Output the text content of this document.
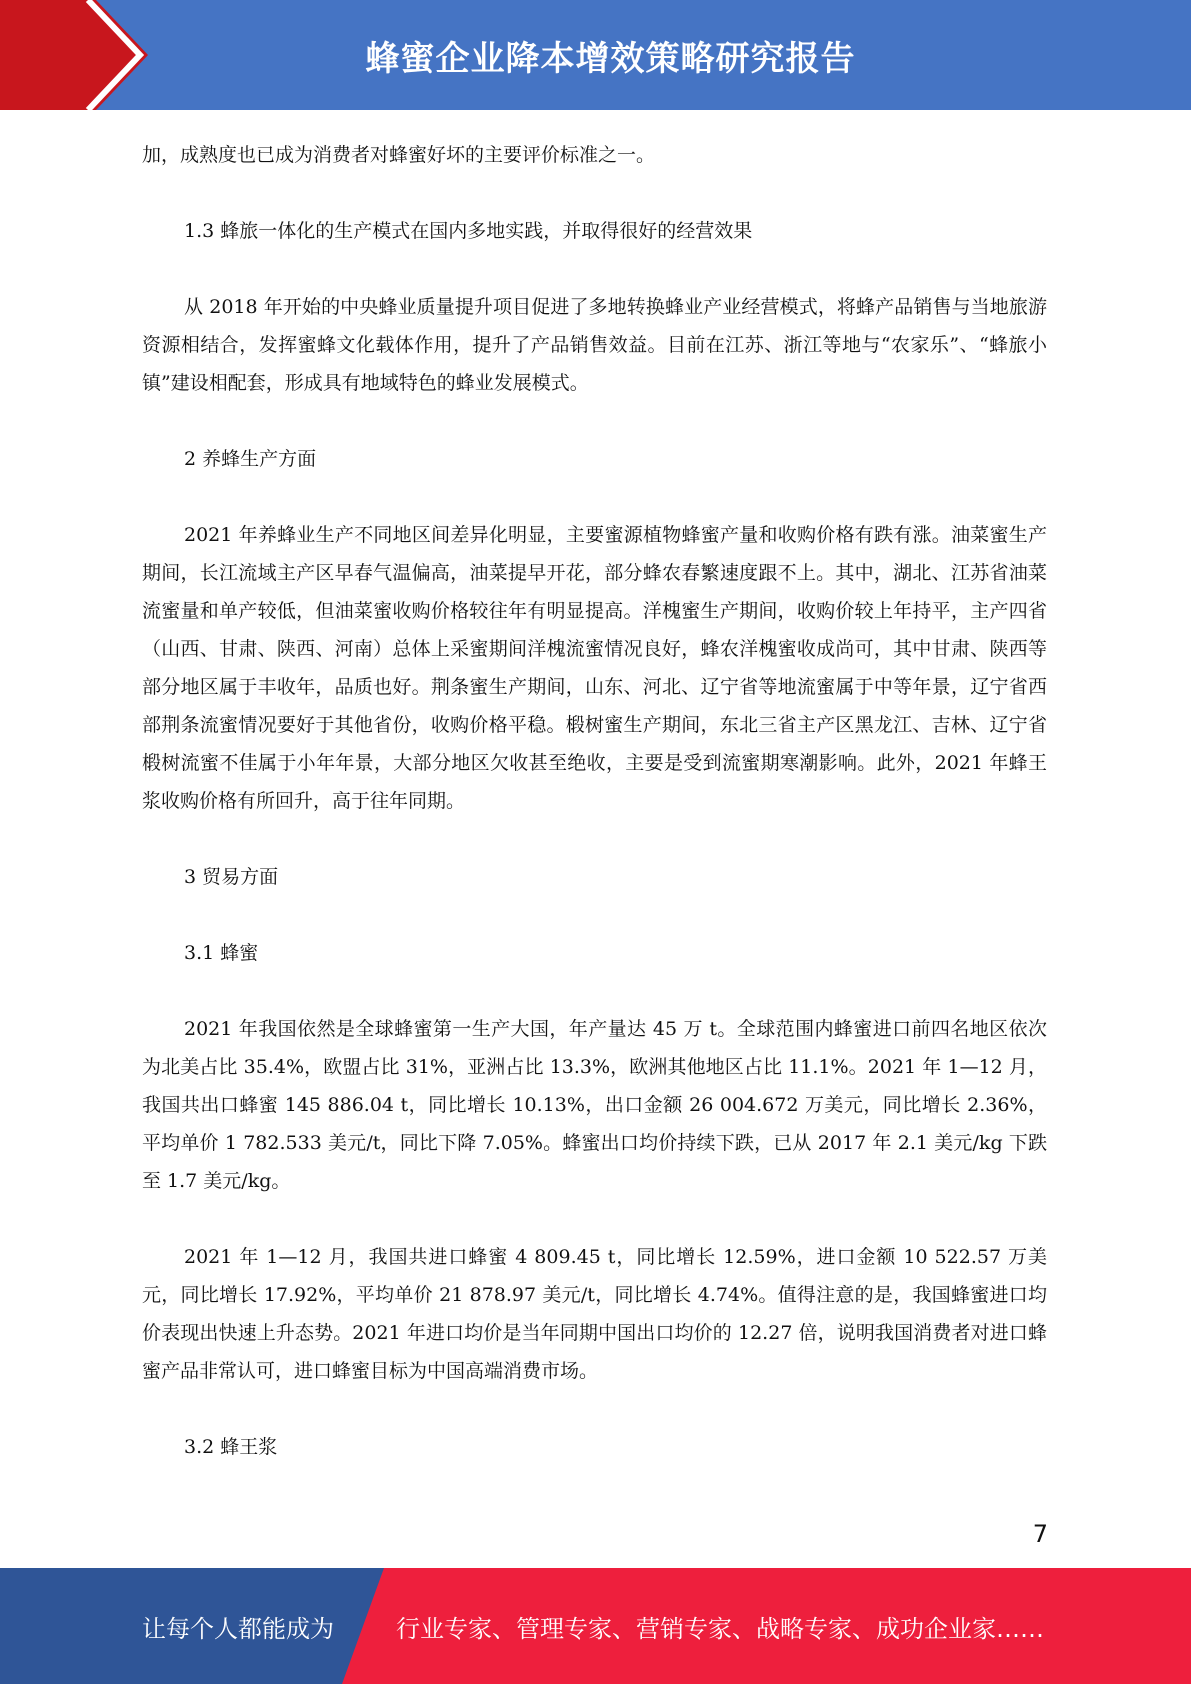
蜂蜜企业降本增效策略研究报告

加，成熟度也已成为消费者对蜂蜜好坏的主要评价标准之一。

1.3 蜂旅一体化的生产模式在国内多地实践，并取得很好的经营效果

从 2018 年开始的中央蜂业质量提升项目促进了多地转换蜂业产业经营模式，将蜂产品销售与当地旅游资源相结合，发挥蜜蜂文化载体作用，提升了产品销售效益。目前在江苏、浙江等地与“农家乐”、“蜂旅小镇”建设相配套，形成具有地域特色的蜂业发展模式。

2 养蜂生产方面

2021 年养蜂业生产不同地区间差异化明显，主要蜜源植物蜂蜜产量和收购价格有跌有涨。油菜蜜生产期间，长江流域主产区早春气温偏高，油菜提早开花，部分蜂农春繁速度跟不上。其中，湖北、江苏省油菜流蜜量和单产较低，但油菜蜜收购价格较往年有明显提高。洋槐蜜生产期间，收购价较上年持平，主产四省（山西、甘肃、陕西、河南）总体上采蜜期间洋槐流蜜情况良好，蜂农洋槐蜜收成尚可，其中甘肃、陕西等部分地区属于丰收年，品质也好。荆条蜜生产期间，山东、河北、辽宁省等地流蜜属于中等年景，辽宁省西部荆条流蜜情况要好于其他省份，收购价格平稳。椴树蜜生产期间，东北三省主产区黑龙江、吉林、辽宁省椴树流蜜不佳属于小年年景，大部分地区欠收甚至绝收，主要是受到流蜜期寒潮影响。此外，2021 年蜂王浆收购价格有所回升，高于往年同期。

3 贸易方面

3.1 蜂蜜

2021 年我国依然是全球蜂蜜第一生产大国，年产量达 45 万 t。全球范围内蜂蜜进口前四名地区依次为北美占比 35.4%，欧盟占比 31%，亚洲占比 13.3%，欧洲其他地区占比 11.1%。2021 年 1—12 月，我国共出口蜂蜜 145 886.04 t，同比增长 10.13%，出口金额 26 004.672 万美元，同比增长 2.36%，平均单价 1 782.533 美元/t，同比下降 7.05%。蜂蜜出口均价持续下跌，已从 2017 年 2.1 美元/kg 下跌至 1.7 美元/kg。

2021 年 1—12 月，我国共进口蜂蜜 4 809.45 t，同比增长 12.59%，进口金额 10 522.57 万美元，同比增长 17.92%，平均单价 21 878.97 美元/t，同比增长 4.74%。值得注意的是，我国蜂蜜进口均价表现出快速上升态势。2021 年进口均价是当年同期中国出口均价的 12.27 倍，说明我国消费者对进口蜂蜜产品非常认可，进口蜂蜜目标为中国高端消费市场。

3.2 蜂王浆

7
让每个人都能成为	行业专家、管理专家、营销专家、战略专家、成功企业家……
